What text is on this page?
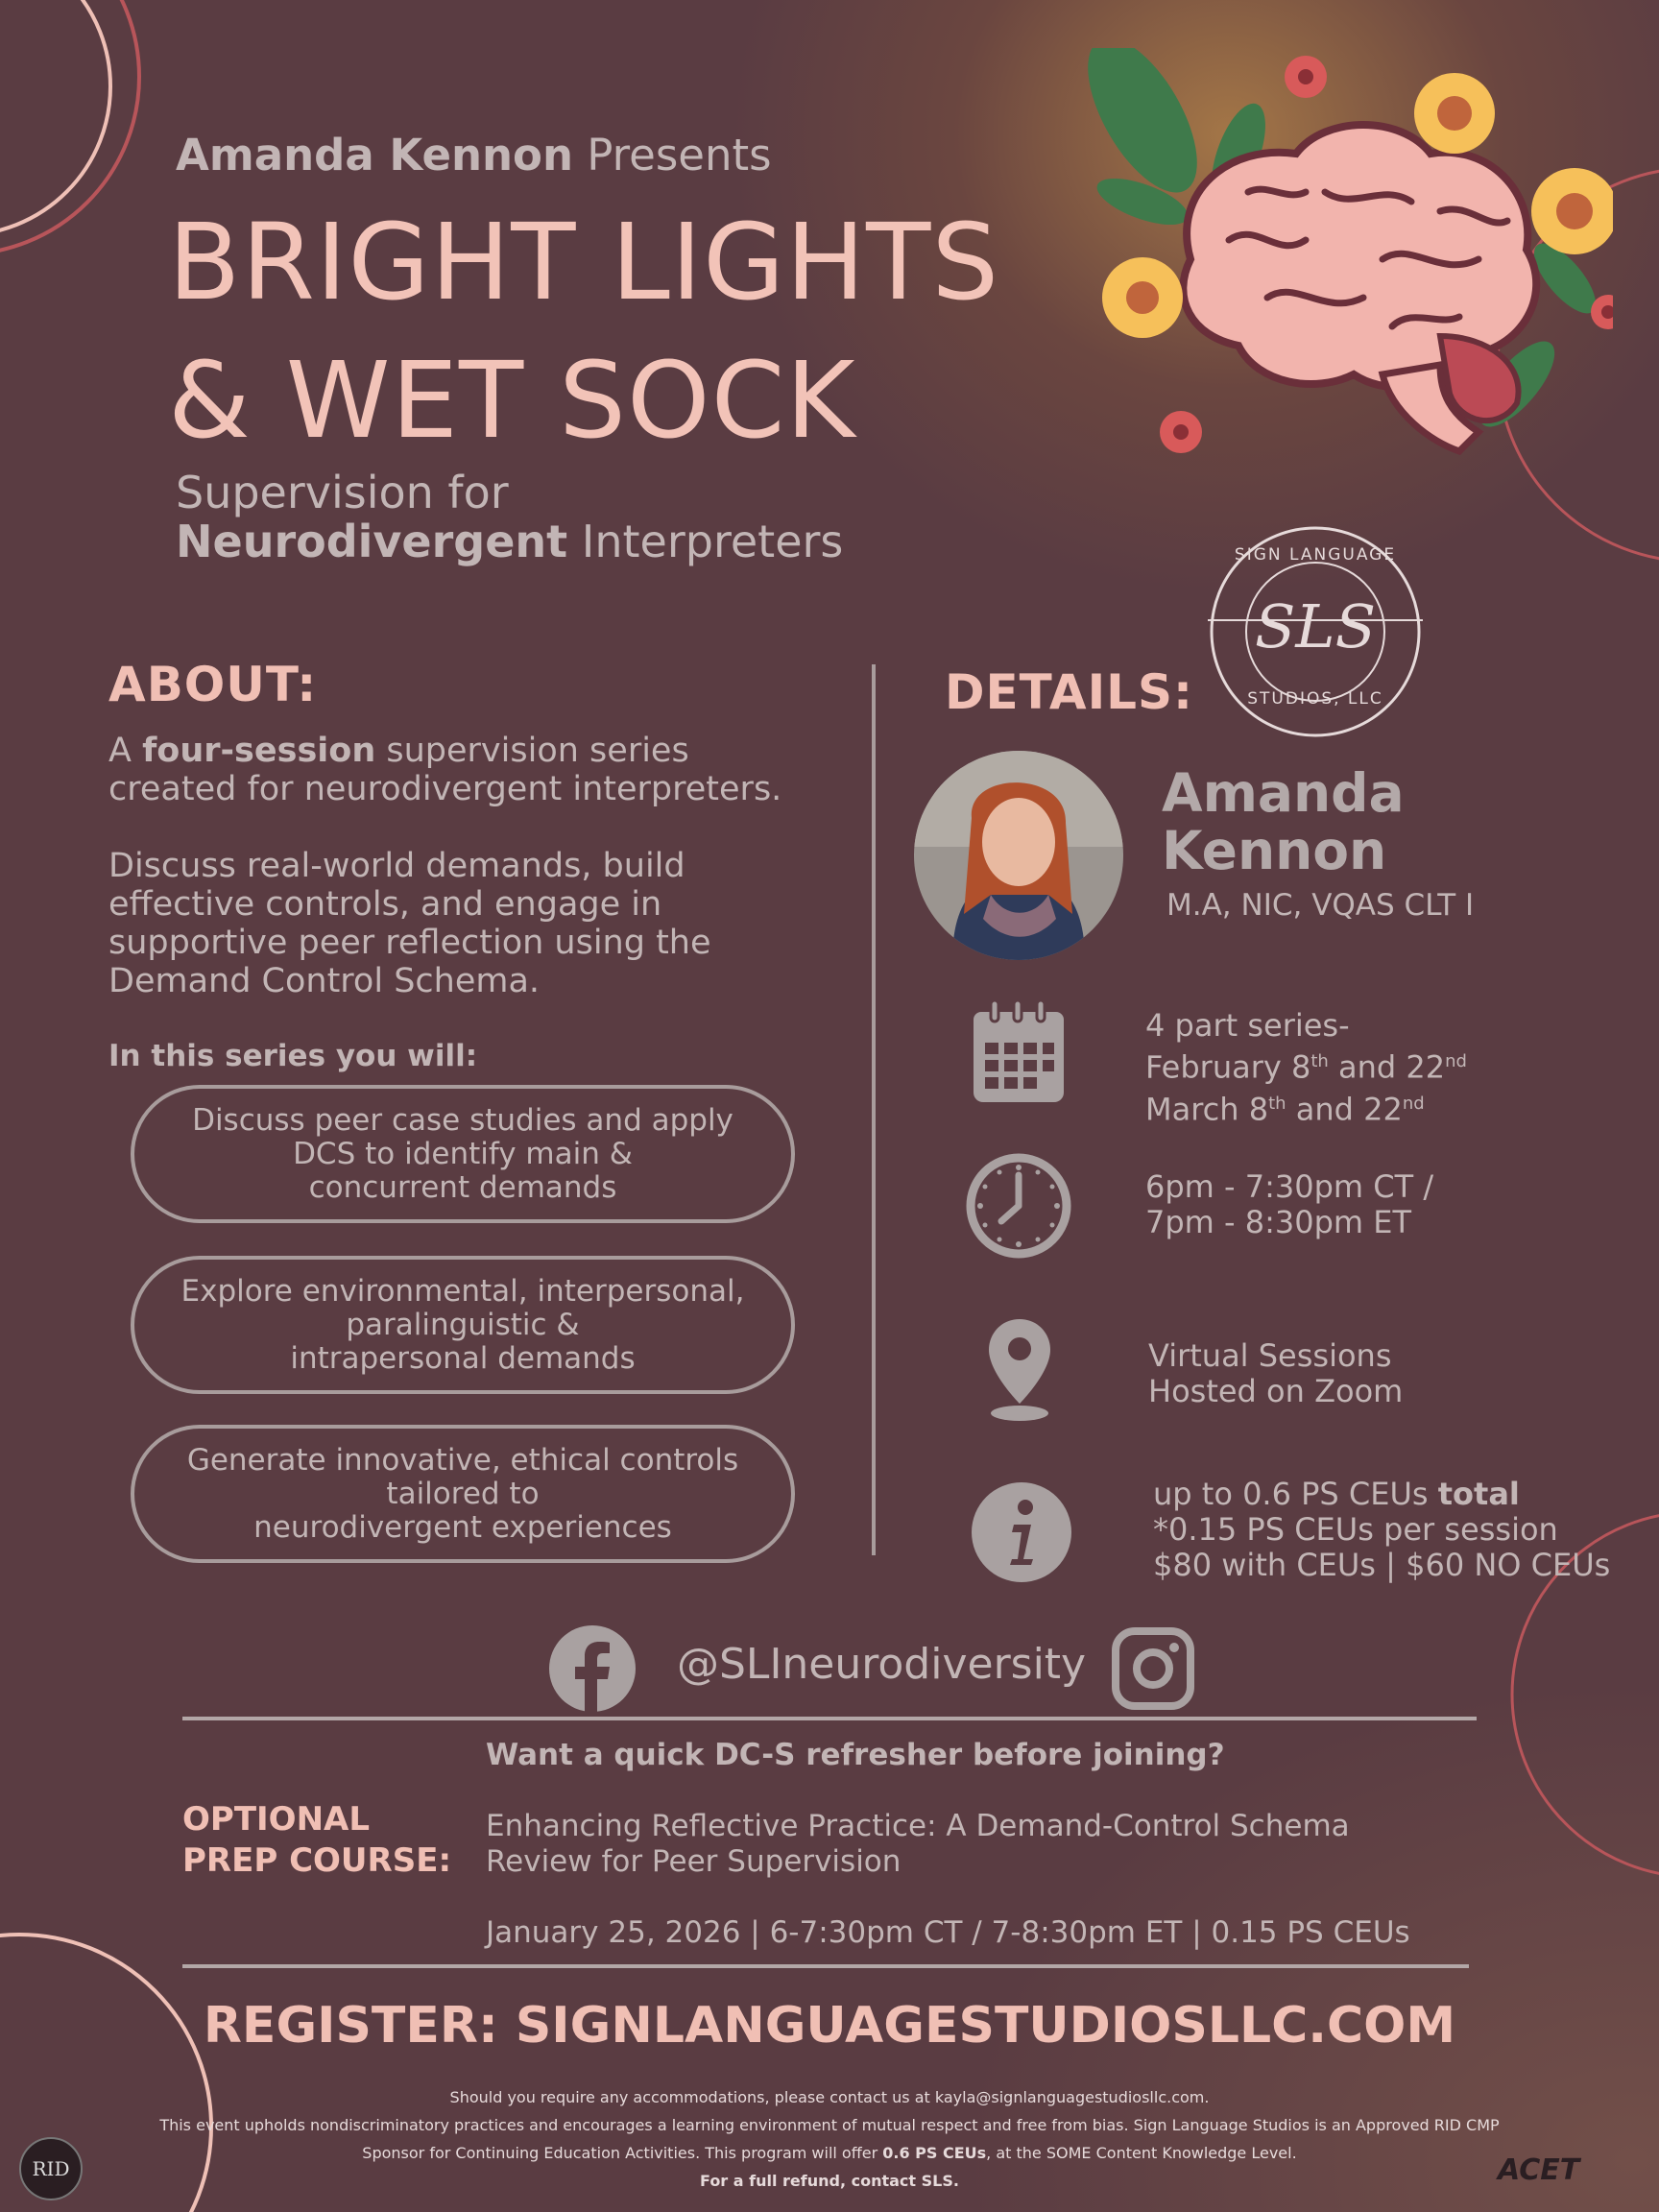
SIGN LANGUAGE
SLS
STUDIOS, LLC
Amanda Kennon Presents
BRIGHT LIGHTS
& WET SOCK
Supervision for
Neurodivergent Interpreters
ABOUT:
A four-session supervision series
created for neurodivergent interpreters.
Discuss real-world demands, build
effective controls, and engage in
supportive peer reflection using the
Demand Control Schema.
In this series you will:
Discuss peer case studies and apply
DCS to identify main &
concurrent demands
Explore environmental, interpersonal,
paralinguistic &
intrapersonal demands
Generate innovative, ethical controls
tailored to
neurodivergent experiences
DETAILS:
Amanda
Kennon
M.A, NIC, VQAS CLT I
4 part series-
February 8th and 22nd
March 8th and 22nd
6pm - 7:30pm CT /
7pm - 8:30pm ET
Virtual Sessions
Hosted on Zoom
up to 0.6 PS CEUs total
*0.15 PS CEUs per session
$80 with CEUs | $60 NO CEUs
@SLIneurodiversity
Want a quick DC-S refresher before joining?
OPTIONAL
PREP COURSE:
Enhancing Reflective Practice: A Demand-Control Schema
Review for Peer Supervision
January 25, 2026 | 6-7:30pm CT / 7-8:30pm ET | 0.15 PS CEUs
REGISTER: SIGNLANGUAGESTUDIOSLLC.COM
Should you require any accommodations, please contact us at kayla@signlanguagestudiosllc.com.
This event upholds nondiscriminatory practices and encourages a learning environment of mutual respect and free from bias. Sign Language Studios is an Approved RID CMP
Sponsor for Continuing Education Activities. This program will offer 0.6 PS CEUs, at the SOME Content Knowledge Level.
For a full refund, contact SLS.
RID	ACET
